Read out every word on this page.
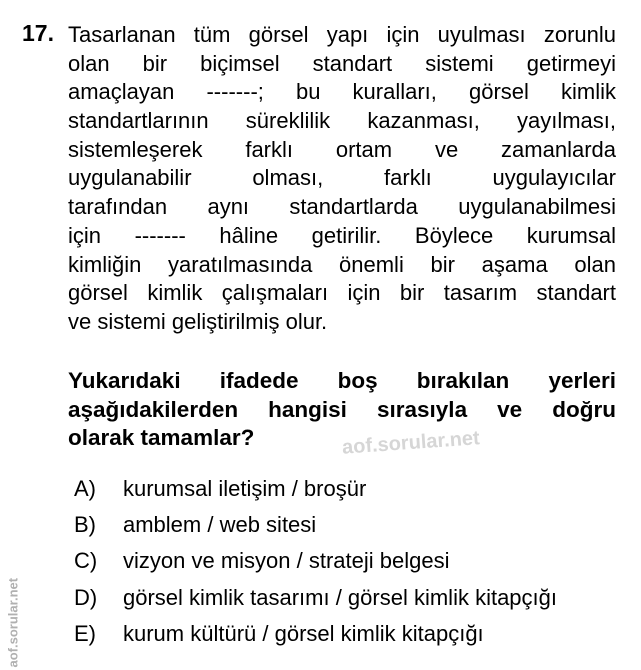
17. Tasarlanan tüm görsel yapı için uyulması zorunlu
olan bir biçimsel standart sistemi getirmeyi
amaçlayan -------; bu kuralları, görsel kimlik
standartlarının süreklilik kazanması, yayılması,
sistemleşerek farklı ortam ve zamanlarda
uygulanabilir olması, farklı uygulayıcılar
tarafından aynı standartlarda uygulanabilmesi
için ------- hâline getirilir. Böylece kurumsal
kimliğin yaratılmasında önemli bir aşama olan
görsel kimlik çalışmaları için bir tasarım standart
ve sistemi geliştirilmiş olur.
Yukarıdaki ifadede boş bırakılan yerleri
aşağıdakilerden hangisi sırasıyla ve doğru
olarak tamamlar?	aof.sorular.net
A)	kurumsal iletişim / broşür
B)	amblem / web sitesi
C)	vizyon ve misyon / strateji belgesi
D)	görsel kimlik tasarımı / görsel kimlik kitapçığı
E)	kurum kültürü / görsel kimlik kitapçığı
aof.sorular.net
